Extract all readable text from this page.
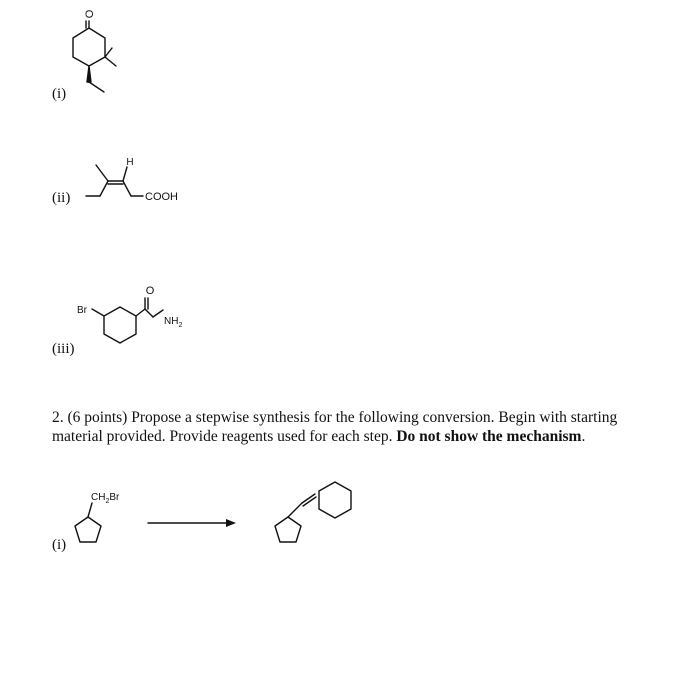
O
H
COOH
Br
O
$NH_2$
$CH_2Br$
(i)
(ii)
(iii)
2. (6 points) Propose a stepwise synthesis for the following conversion. Begin with starting material provided. Provide reagents used for each step. Do not show the mechanism.
(i)
